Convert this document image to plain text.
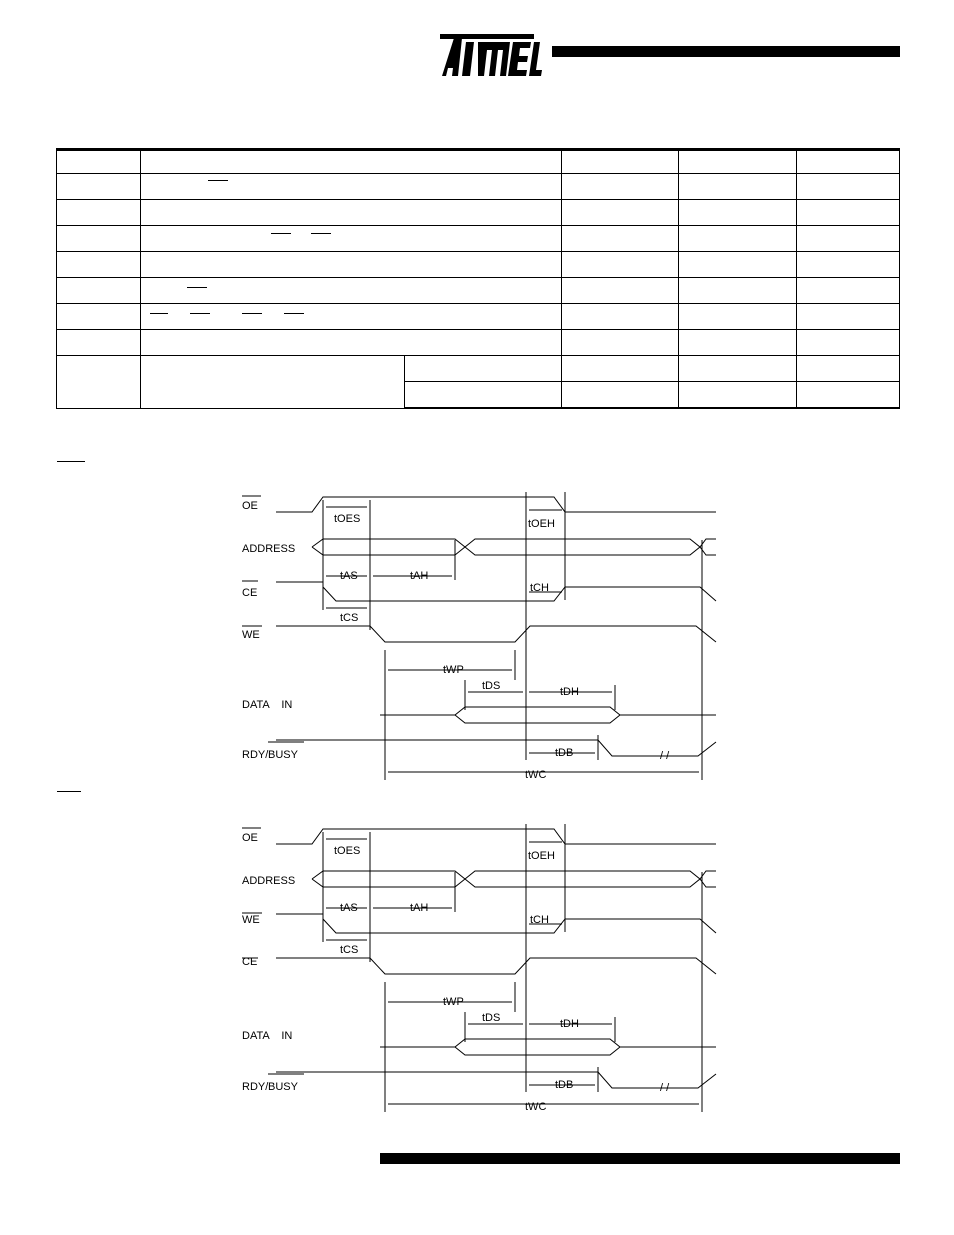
OE
ADDRESS
CE
WE
DATA    IN
RDY/ BUSY
tOES	tOEH
tAS	tAH
tCH
tCS
tWP
tDS	tDH
tDB
tWC
/ /
OE
ADDRESS
WE
CE
DATA    IN
RDY/ BUSY
tOES	tOEH
tAS	tAH
tCH
tCS
tWP
tDS	tDH
tDB
tWC
/ /
